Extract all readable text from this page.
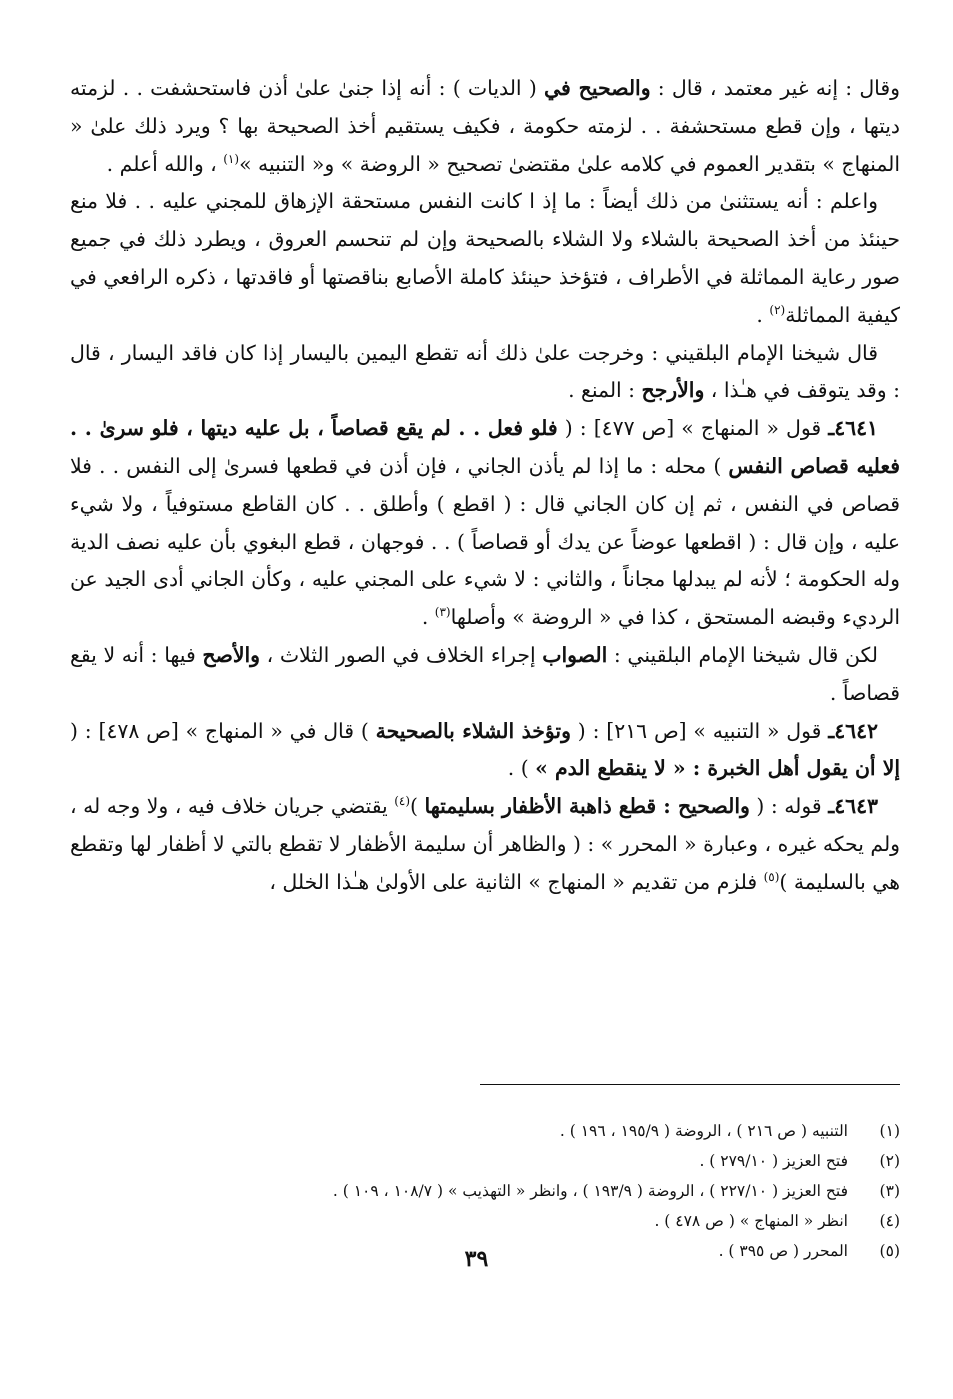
وقال : إنه غير معتمد ، قال : والصحيح في ( الديات ) : أنه إذا جنىٰ علىٰ أذن فاستحشفت . . لزمته ديتها ، وإن قطع مستحشفة . . لزمته حكومة ، فكيف يستقيم أخذ الصحيحة بها ؟ ويرد ذلك علىٰ « المنهاج » بتقدير العموم في كلامه علىٰ مقتضىٰ تصحيح « الروضة » و« التنبيه »$^{(١)}$ ، والله أعلم .

واعلم : أنه يستثنىٰ من ذلك أيضاً : ما إذ ا كانت النفس مستحقة الإزهاق للمجني عليه . . فلا منع حينئذ من أخذ الصحيحة بالشلاء ولا الشلاء بالصحيحة وإن لم تنحسم العروق ، ويطرد ذلك في جميع صور رعاية المماثلة في الأطراف ، فتؤخذ حينئذ كاملة الأصابع بناقصتها أو فاقدتها ، ذكره الرافعي في كيفية المماثلة$^{(٢)}$ .

قال شيخنا الإمام البلقيني : وخرجت علىٰ ذلك أنه تقطع اليمين باليسار إذا كان فاقد اليسار ، قال : وقد يتوقف في هـٰذا ، والأرجح : المنع .

٤٦٤١ـ قول « المنهاج » [ص ٤٧٧] : ( فلو فعل . . لم يقع قصاصاً ، بل عليه ديتها ، فلو سرىٰ . . فعليه قصاص النفس ) محله : ما إذا لم يأذن الجاني ، فإن أذن في قطعها فسرىٰ إلى النفس . . فلا قصاص في النفس ، ثم إن كان الجاني قال : ( اقطع ) وأطلق . . كان القاطع مستوفياً ، ولا شيء عليه ، وإن قال : ( اقطعها عوضاً عن يدك أو قصاصاً ) . . فوجهان ، قطع البغوي بأن عليه نصف الدية وله الحكومة ؛ لأنه لم يبدلها مجاناً ، والثاني : لا شيء على المجني عليه ، وكأن الجاني أدى الجيد عن الرديء وقبضه المستحق ، كذا في « الروضة » وأصلها$^{(٣)}$ .

لكن قال شيخنا الإمام البلقيني : الصواب إجراء الخلاف في الصور الثلاث ، والأصح فيها : أنه لا يقع قصاصاً .

٤٦٤٢ـ قول « التنبيه » [ص ٢١٦] : ( وتؤخذ الشلاء بالصحيحة ) قال في « المنهاج » [ص ٤٧٨] : ( إلا أن يقول أهل الخبرة : « لا ينقطع الدم » ) .

٤٦٤٣ـ قوله : ( والصحيح : قطع ذاهبة الأظفار بسليمتها )$^{(٤)}$ يقتضي جريان خلاف فيه ، ولا وجه له ، ولم يحكه غيره ، وعبارة « المحرر » : ( والظاهر أن سليمة الأظفار لا تقطع بالتي لا أظفار لها وتقطع هي بالسليمة )$^{(٥)}$ فلزم من تقديم « المنهاج » الثانية على الأولىٰ هـٰذا الخلل ،

(١)
التنبيه ( ص ٢١٦ ) ، الروضة ( ١٩٥/٩ ، ١٩٦ ) .
(٢)
فتح العزيز ( ٢٧٩/١٠ ) .
(٣)
فتح العزيز ( ٢٢٧/١٠ ) ، الروضة ( ١٩٣/٩ ) ، وانظر « التهذيب » ( ١٠٨/٧ ، ١٠٩ ) .
(٤)
انظر « المنهاج » ( ص ٤٧٨ ) .
(٥)
المحرر ( ص ٣٩٥ ) .
٣٩
